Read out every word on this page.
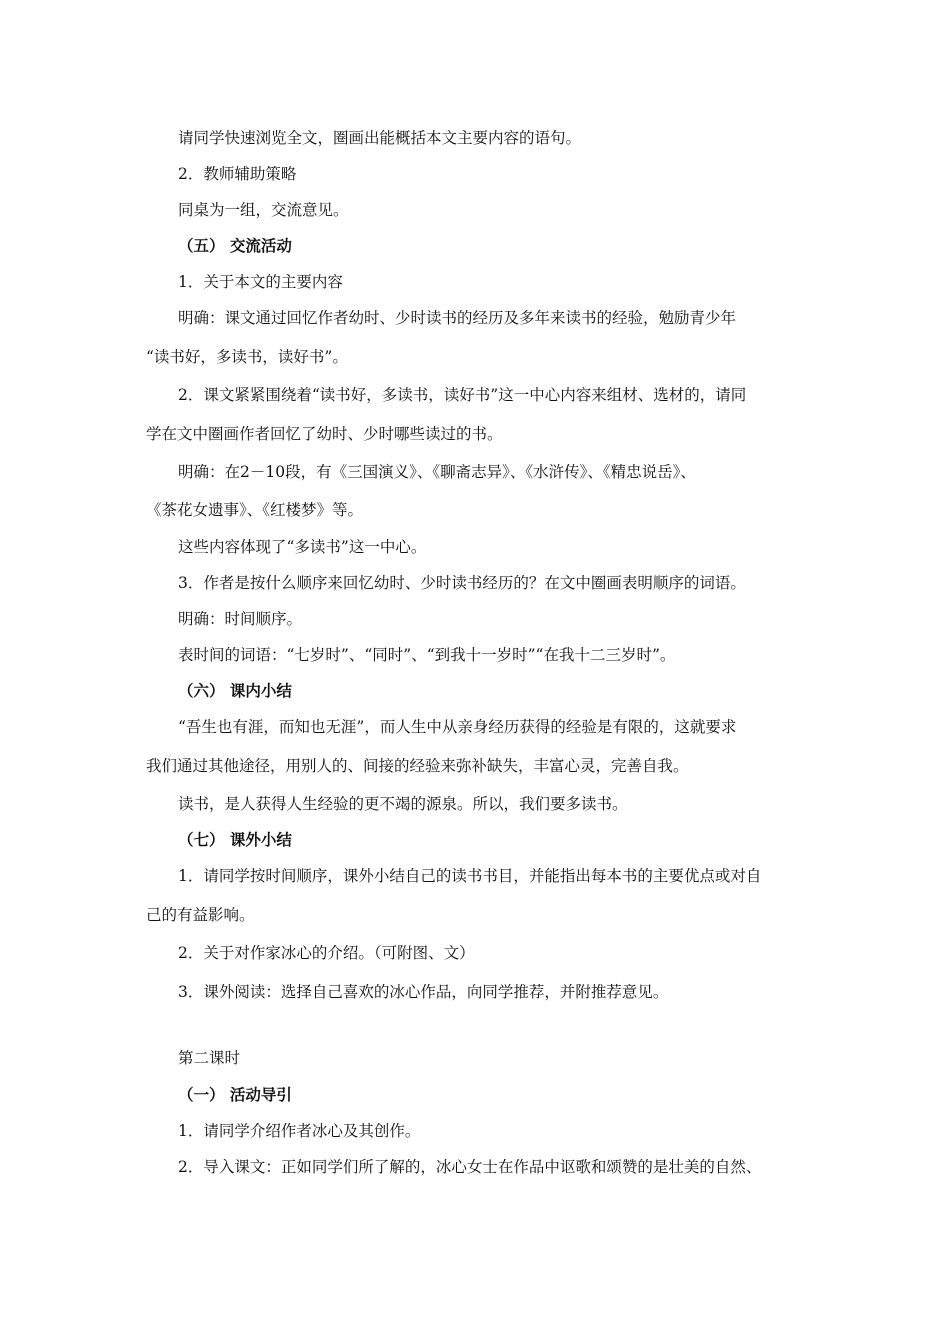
请同学快速浏览全文，圈画出能概括本文主要内容的语句。
2．教师辅助策略
同桌为一组，交流意见。
（五） 交流活动
1．关于本文的主要内容
明确：课文通过回忆作者幼时、少时读书的经历及多年来读书的经验，勉励青少年
“读书好，多读书，读好书”。
2．课文紧紧围绕着“读书好，多读书，读好书”这一中心内容来组材、选材的，请同
学在文中圈画作者回忆了幼时、少时哪些读过的书。
明确：在2－10段，有《三国演义》、《聊斋志异》、《水浒传》、《精忠说岳》、
《茶花女遗事》、《红楼梦》等。
这些内容体现了“多读书”这一中心。
3．作者是按什么顺序来回忆幼时、少时读书经历的？在文中圈画表明顺序的词语。
明确：时间顺序。
表时间的词语：“七岁时”、“同时”、“到我十一岁时”“在我十二三岁时”。
（六） 课内小结
“吾生也有涯，而知也无涯”，而人生中从亲身经历获得的经验是有限的，这就要求
我们通过其他途径，用别人的、间接的经验来弥补缺失，丰富心灵，完善自我。
读书，是人获得人生经验的更不竭的源泉。所以，我们要多读书。
（七） 课外小结
1．请同学按时间顺序，课外小结自己的读书书目，并能指出每本书的主要优点或对自
己的有益影响。
2．关于对作家冰心的介绍。（可附图、文）
3．课外阅读：选择自己喜欢的冰心作品，向同学推荐，并附推荐意见。
第二课时
（一） 活动导引
1．请同学介绍作者冰心及其创作。
2．导入课文：正如同学们所了解的，冰心女士在作品中讴歌和颂赞的是壮美的自然、
